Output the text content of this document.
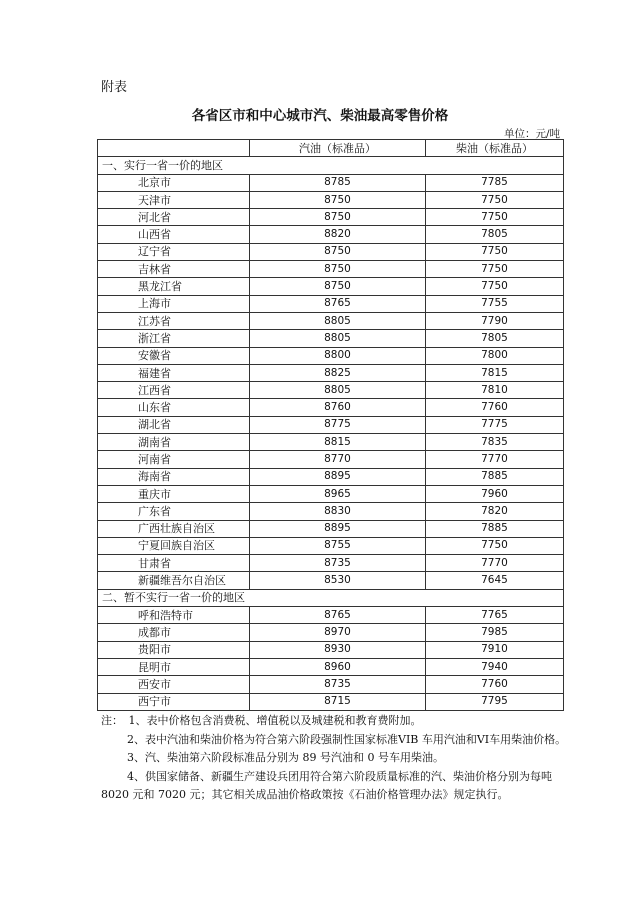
附表
各省区市和中心城市汽、柴油最高零售价格
单位：元/吨
	汽油（标准品）	柴油（标准品）
一、实行一省一价的地区		
北京市	8785	7785
天津市	8750	7750
河北省	8750	7750
山西省	8820	7805
辽宁省	8750	7750
吉林省	8750	7750
黑龙江省	8750	7750
上海市	8765	7755
江苏省	8805	7790
浙江省	8805	7805
安徽省	8800	7800
福建省	8825	7815
江西省	8805	7810
山东省	8760	7760
湖北省	8775	7775
湖南省	8815	7835
河南省	8770	7770
海南省	8895	7885
重庆市	8965	7960
广东省	8830	7820
广西壮族自治区	8895	7885
宁夏回族自治区	8755	7750
甘肃省	8735	7770
新疆维吾尔自治区	8530	7645
二、暂不实行一省一价的地区		
呼和浩特市	8765	7765
成都市	8970	7985
贵阳市	8930	7910
昆明市	8960	7940
西安市	8735	7760
西宁市	8715	7795

注：　1、表中价格包含消费税、增值税以及城建税和教育费附加。

2、表中汽油和柴油价格为符合第六阶段强制性国家标准VIB 车用汽油和VI车用柴油价格。

3、汽、柴油第六阶段标准品分别为 89 号汽油和 0 号车用柴油。

4、供国家储备、新疆生产建设兵团用符合第六阶段质量标准的汽、柴油价格分别为每吨 8020 元和 7020 元；其它相关成品油价格政策按《石油价格管理办法》规定执行。
